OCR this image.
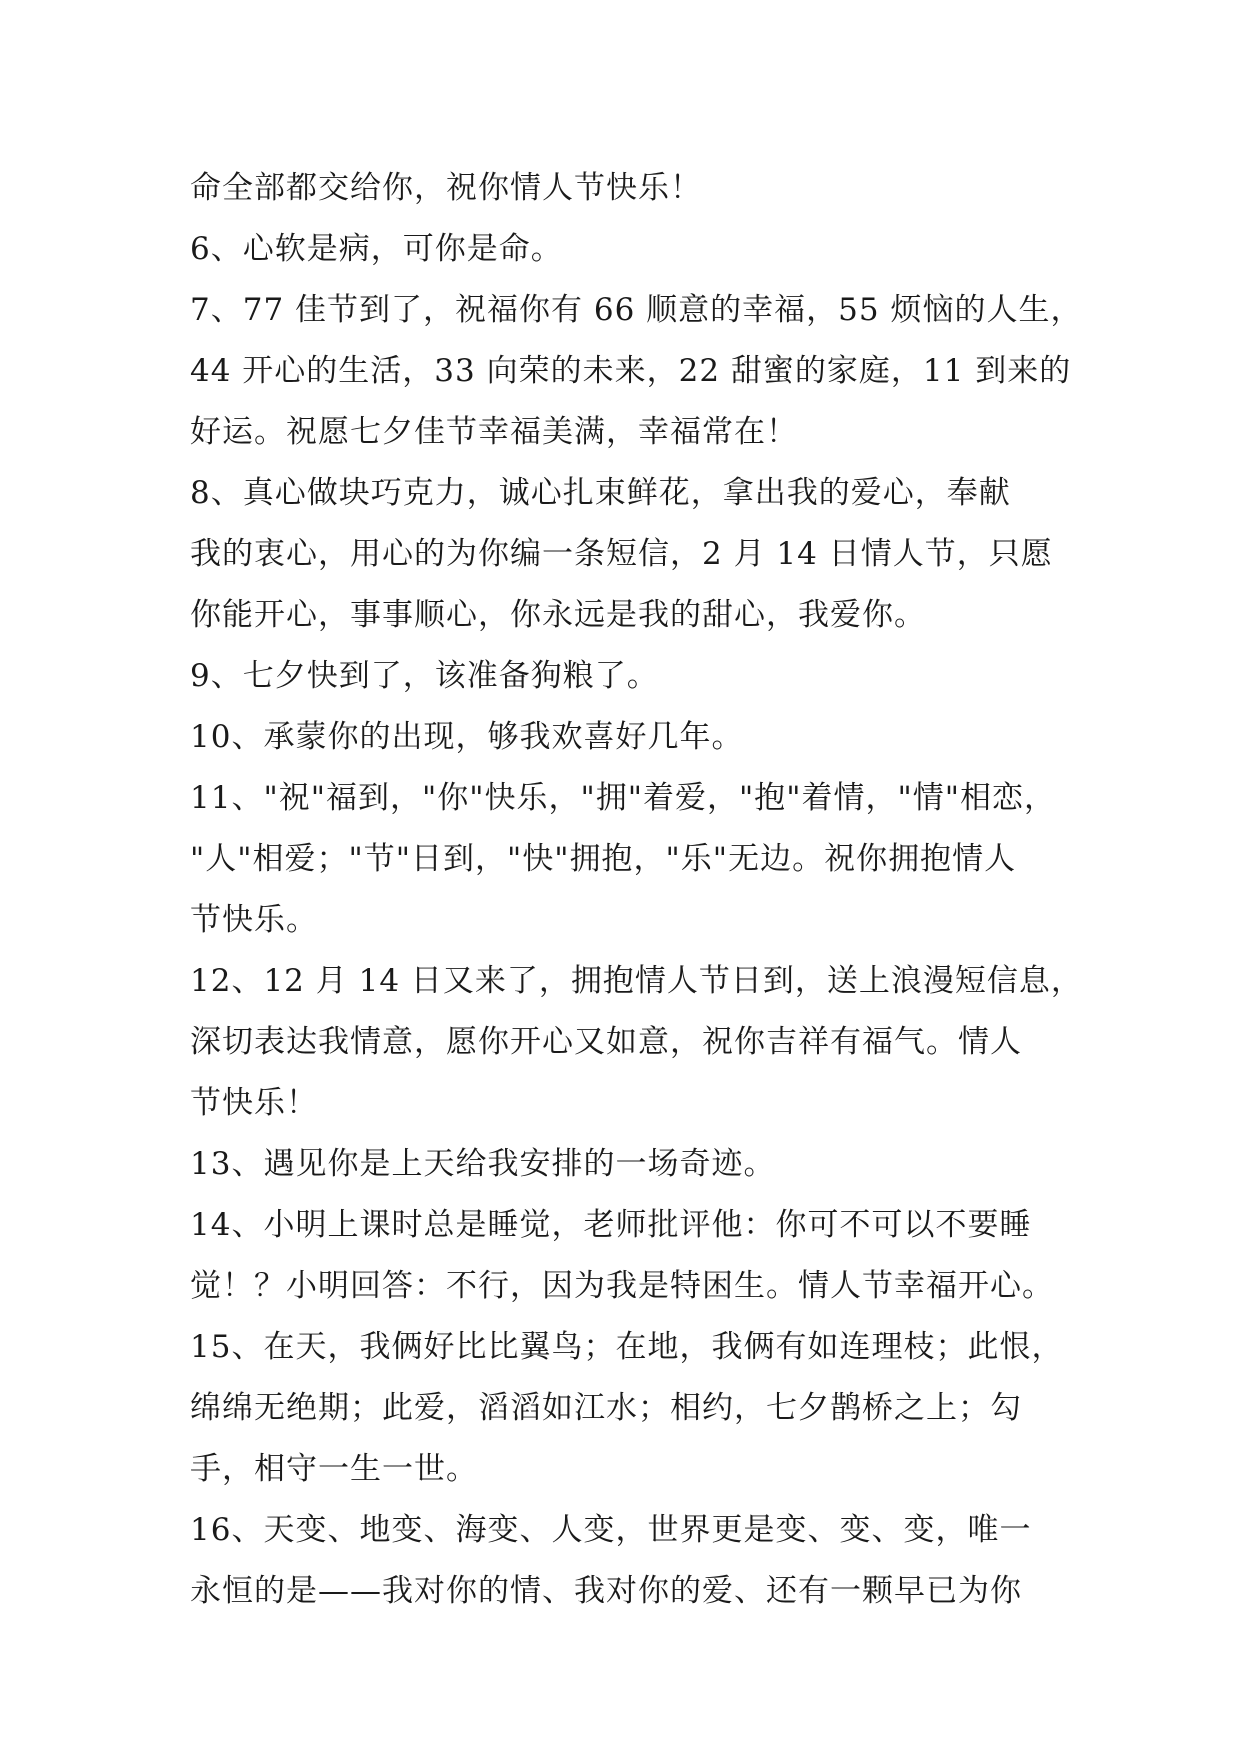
命全部都交给你，祝你情人节快乐！
6、心软是病，可你是命。
7、77 佳节到了，祝福你有 66 顺意的幸福，55 烦恼的人生，
44 开心的生活，33 向荣的未来，22 甜蜜的家庭，11 到来的
好运。祝愿七夕佳节幸福美满，幸福常在！
8、真心做块巧克力，诚心扎束鲜花，拿出我的爱心，奉献
我的衷心，用心的为你编一条短信，2 月 14 日情人节，只愿
你能开心，事事顺心，你永远是我的甜心，我爱你。
9、七夕快到了，该准备狗粮了。
10、承蒙你的出现，够我欢喜好几年。
11、"祝"福到，"你"快乐，"拥"着爱，"抱"着情，"情"相恋，
"人"相爱；"节"日到，"快"拥抱，"乐"无边。祝你拥抱情人
节快乐。
12、12 月 14 日又来了，拥抱情人节日到，送上浪漫短信息，
深切表达我情意，愿你开心又如意，祝你吉祥有福气。情人
节快乐！
13、遇见你是上天给我安排的一场奇迹。
14、小明上课时总是睡觉，老师批评他：你可不可以不要睡
觉！？小明回答：不行，因为我是特困生。情人节幸福开心。
15、在天，我俩好比比翼鸟；在地，我俩有如连理枝；此恨，
绵绵无绝期；此爱，滔滔如江水；相约，七夕鹊桥之上；勾
手，相守一生一世。
16、天变、地变、海变、人变，世界更是变、变、变，唯一
永恒的是——我对你的情、我对你的爱、还有一颗早已为你
